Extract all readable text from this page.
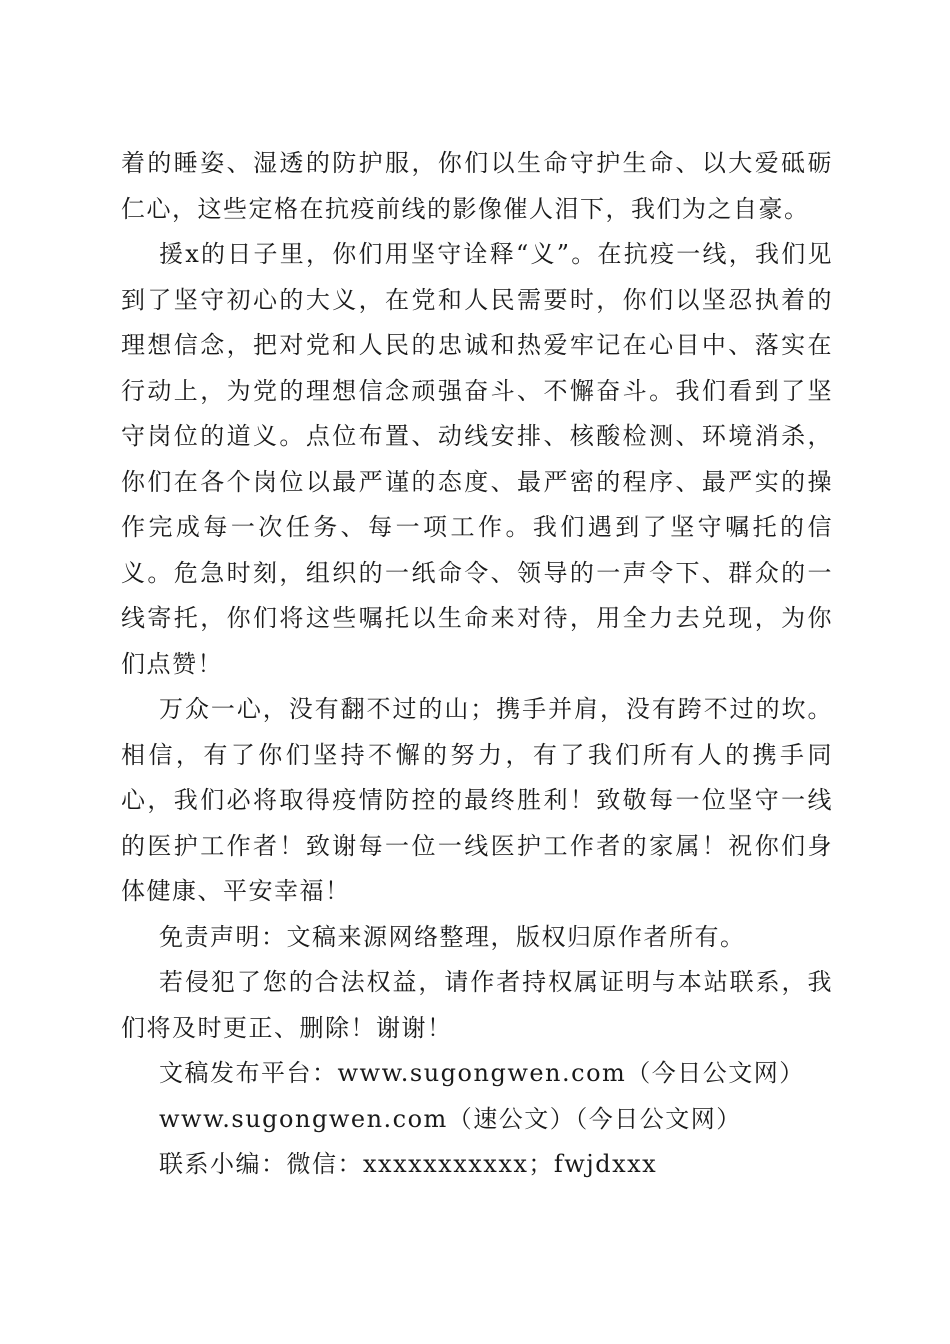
着的睡姿、湿透的防护服，你们以生命守护生命、以大爱砥砺仁心，这些定格在抗疫前线的影像催人泪下，我们为之自豪。

援x的日子里，你们用坚守诠释“义”。在抗疫一线，我们见到了坚守初心的大义，在党和人民需要时，你们以坚忍执着的理想信念，把对党和人民的忠诚和热爱牢记在心目中、落实在行动上，为党的理想信念顽强奋斗、不懈奋斗。我们看到了坚守岗位的道义。点位布置、动线安排、核酸检测、环境消杀，你们在各个岗位以最严谨的态度、最严密的程序、最严实的操作完成每一次任务、每一项工作。我们遇到了坚守嘱托的信义。危急时刻，组织的一纸命令、领导的一声令下、群众的一线寄托，你们将这些嘱托以生命来对待，用全力去兑现，为你们点赞！

万众一心，没有翻不过的山；携手并肩，没有跨不过的坎。相信，有了你们坚持不懈的努力，有了我们所有人的携手同心，我们必将取得疫情防控的最终胜利！致敬每一位坚守一线的医护工作者！致谢每一位一线医护工作者的家属！祝你们身体健康、平安幸福！

免责声明：文稿来源网络整理，版权归原作者所有。

若侵犯了您的合法权益，请作者持权属证明与本站联系，我们将及时更正、删除！谢谢！

文稿发布平台：www.sugongwen.com（今日公文网）

www.sugongwen.com（速公文）（今日公文网）

联系小编：微信：xxxxxxxxxxx；fwjdxxx
